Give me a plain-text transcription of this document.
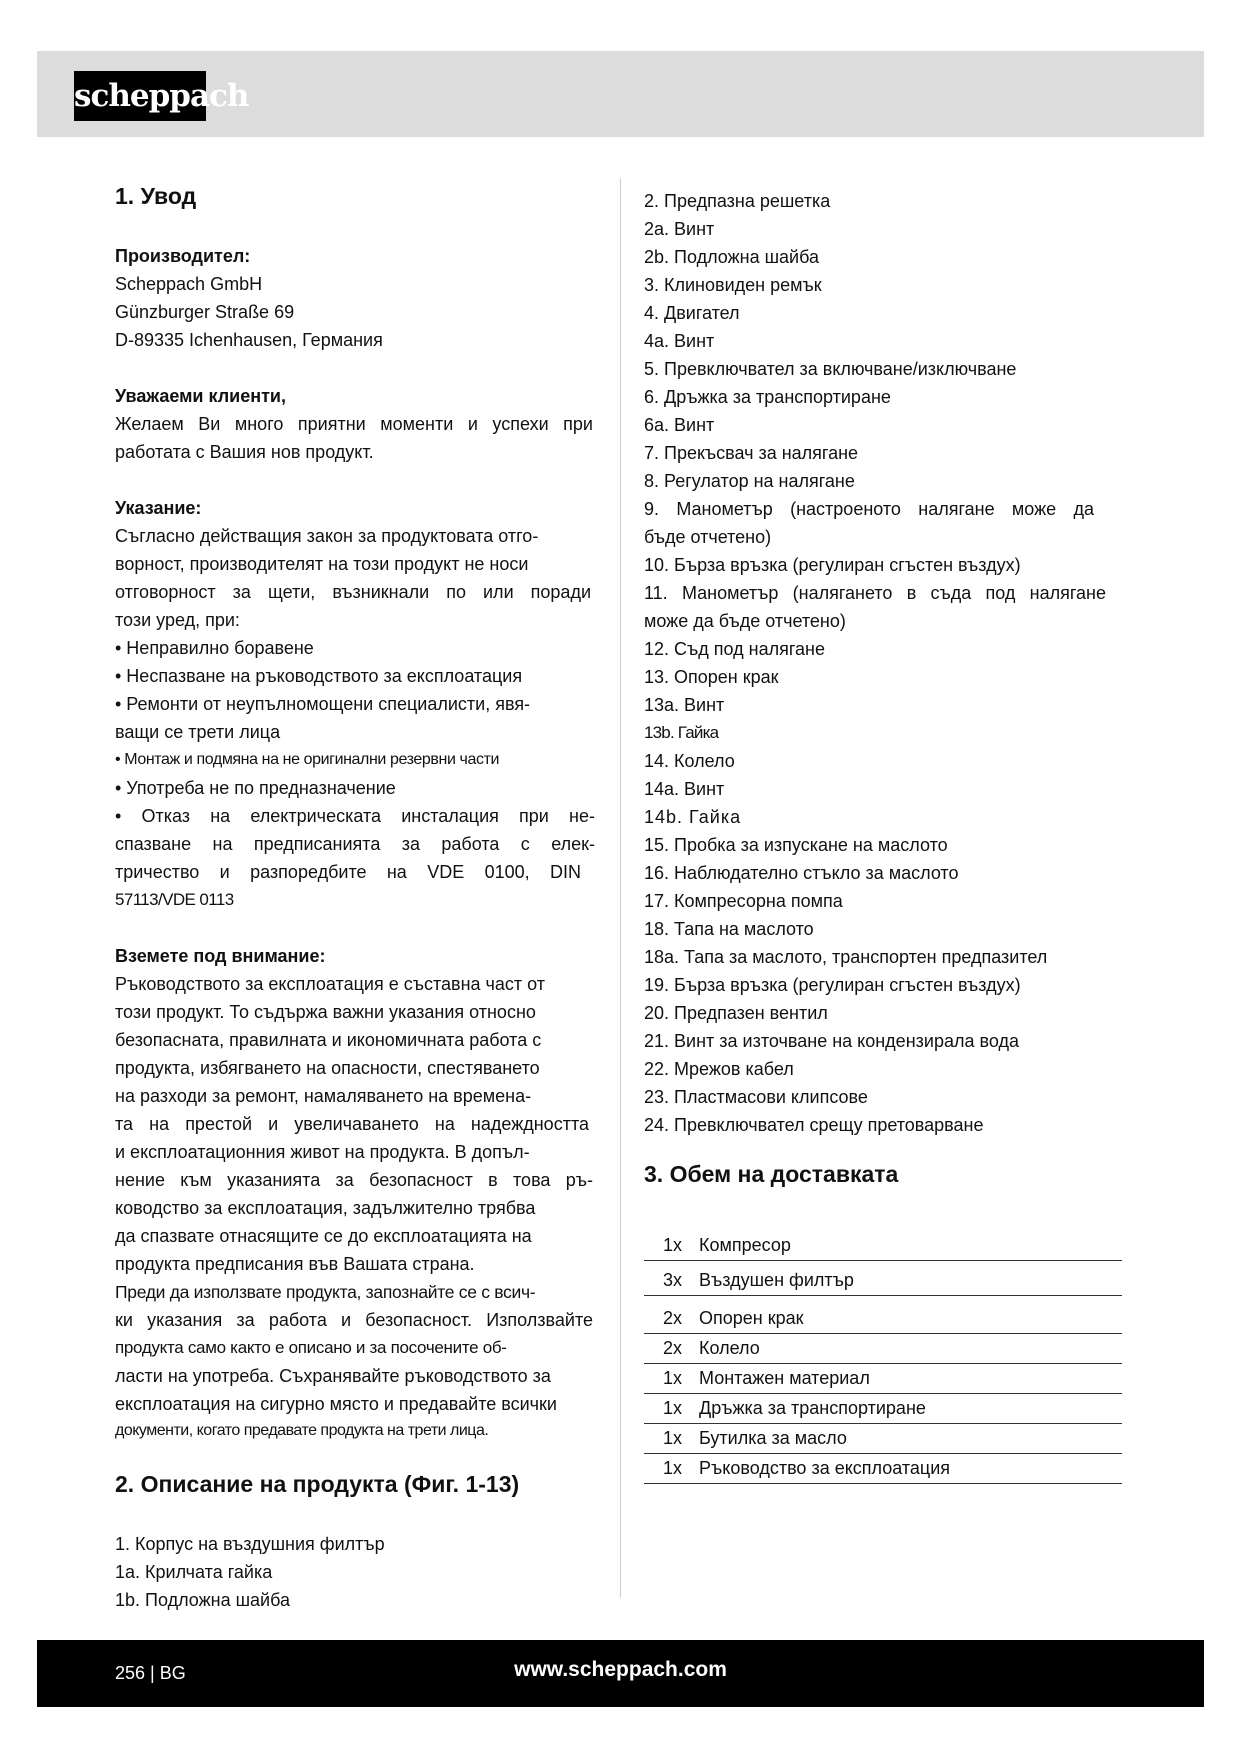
scheppach
1. Увод
Производител:
Scheppach GmbH
Günzburger Straße 69
D-89335 Ichenhausen, Германия
Уважаеми клиенти,
Желаем Ви много приятни моменти и успехи при
работата с Вашия нов продукт.
Указание:
Съгласно действащия закон за продуктовата отго-
ворност, производителят на този продукт не носи
отговорност за щети, възникнали по или поради
този уред, при:
• Неправилно боравене
• Неспазване на ръководството за експлоатация
• Ремонти от неупълномощени специалисти, явя-
ващи се трети лица
• Монтаж и подмяна на не оригинални резервни части
• Употреба не по предназначение
• Отказ на електрическата инсталация при не-
спазване на предписанията за работа с елек-
тричество и разпоредбите на VDE 0100, DIN
57113/VDE 0113
Вземете под внимание:
Ръководството за експлоатация е съставна част от
този продукт. То съдържа важни указания относно
безопасната, правилната и икономичната работа с
продукта, избягването на опасности, спестяването
на разходи за ремонт, намаляването на времена-
та на престой и увеличаването на надеждността
и експлоатационния живот на продукта. В допъл-
нение към указанията за безопасност в това ръ-
ководство за експлоатация, задължително трябва
да спазвате отнасящите се до експлоатацията на
продукта предписания във Вашата страна.
Преди да използвате продукта, запознайте се с всич-
ки указания за работа и безопасност. Използвайте
продукта само както е описано и за посочените об-
ласти на употреба. Съхранявайте ръководството за
експлоатация на сигурно място и предавайте всички
документи, когато предавате продукта на трети лица.
2. Описание на продукта (Фиг. 1-13)
1. Корпус на въздушния филтър
1a. Крилчата гайка
1b. Подложна шайба
2. Предпазна решетка
2a. Винт
2b. Подложна шайба
3. Клиновиден ремък
4. Двигател
4a. Винт
5. Превключвател за включване/изключване
6. Дръжка за транспортиране
6a. Винт
7. Прекъсвач за налягане
8. Регулатор на налягане
9. Манометър (настроеното налягане може да
бъде отчетено)
10. Бърза връзка (регулиран сгъстен въздух)
11. Манометър (налягането в съда под налягане
може да бъде отчетено)
12. Съд под налягане
13. Опорен крак
13a. Винт
13b. Гайка
14. Колело
14a. Винт
14b. Гайка
15. Пробка за изпускане на маслото
16. Наблюдателно стъкло за маслото
17. Компресорна помпа
18. Тапа на маслото
18a. Тапа за маслото, транспортен предпазител
19. Бърза връзка (регулиран сгъстен въздух)
20. Предпазен вентил
21. Винт за източване на кондензирала вода
22. Мрежов кабел
23. Пластмасови клипсове
24. Превключвател срещу претоварване
3. Обем на доставката
1x Компресор
3x Въздушен филтър
2x Опорен крак
2x Колело
1x Монтажен материал
1x Дръжка за транспортиране
1x Бутилка за масло
1x Ръководство за експлоатация
256 | BG	www.scheppach.com
